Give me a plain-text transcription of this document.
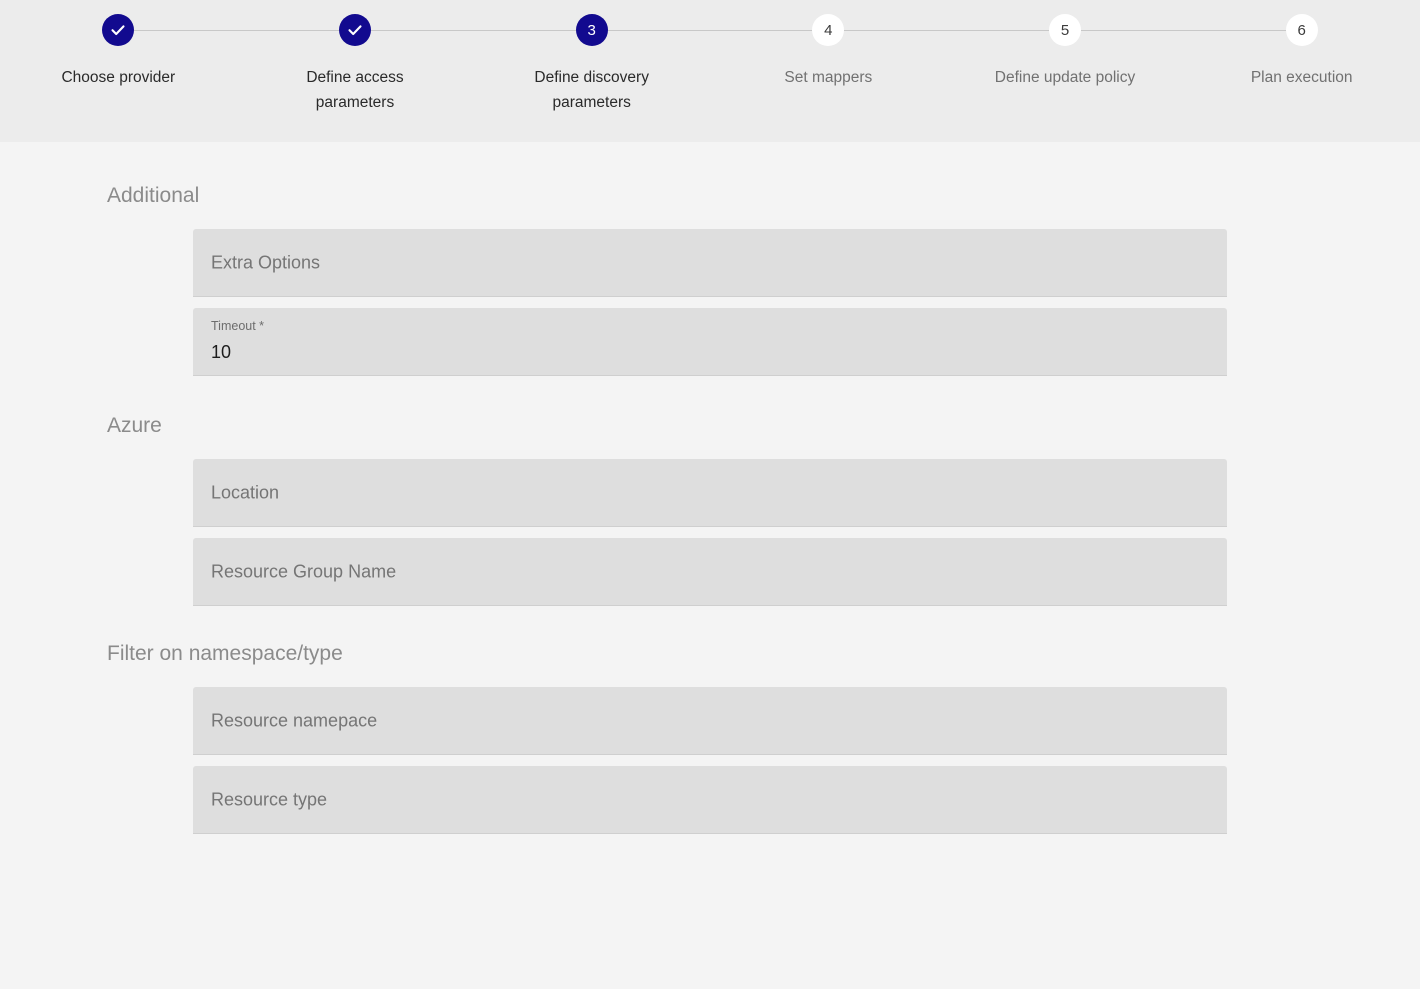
Choose provider	Define access parameters
3
Define discovery parameters
4
Set mappers
5
Define update policy
6
Plan execution
Additional
Extra Options
Timeout *
10
Azure
Location
Resource Group Name
Filter on namespace/type
Resource namepace
Resource type
